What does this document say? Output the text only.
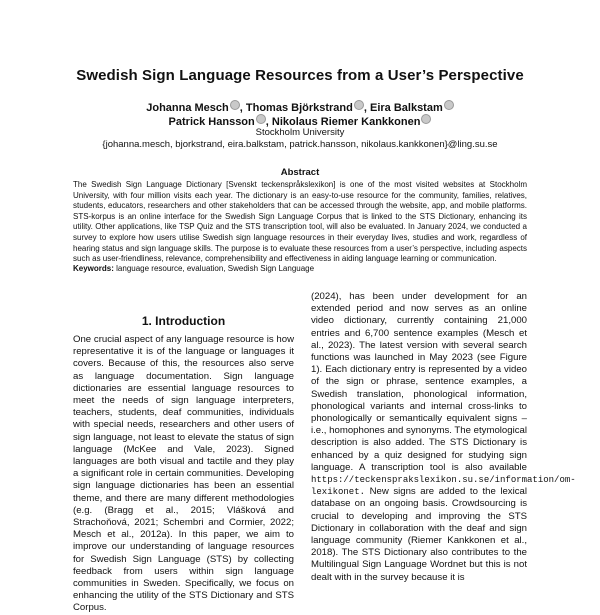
Swedish Sign Language Resources from a User’s Perspective
Johanna Mesch , Thomas Björkstrand , Eira Balkstam
Patrick Hansson , Nikolaus Riemer Kankkonen
Stockholm University
{johanna.mesch, bjorkstrand, eira.balkstam, patrick.hansson, nikolaus.kankkonen}@ling.su.se
Abstract
The Swedish Sign Language Dictionary [Svenskt teckenspråkslexikon] is one of the most visited websites at Stockholm University, with four million visits each year. The dictionary is an easy-to-use resource for the community, families, relatives, students, educators, researchers and other stakeholders that can be accessed through the website, app, and mobile platforms. STS-korpus is an online interface for the Swedish Sign Language Corpus that is linked to the STS Dictionary, enhancing its utility. Other applications, like TSP Quiz and the STS transcription tool, will also be evaluated. In January 2024, we conducted a survey to explore how users utilise Swedish sign language resources in their everyday lives, studies and work, regardless of hearing status and sign language skills. The purpose is to evaluate these resources from a user’s perspective, including aspects such as user-friendliness, relevance, comprehensibility and effectiveness in aiding language learning or communication.
Keywords: language resource, evaluation, Swedish Sign Language
1. Introduction
One crucial aspect of any language resource is how representative it is of the language or languages it covers. Because of this, the resources also serve as language documentation. Sign language dictionaries are essential language resources to meet the needs of sign language interpreters, teachers, students, deaf communities, individuals with special needs, researchers and other users of sign language, not least to elevate the status of sign language (McKee and Vale, 2023). Signed languages are both visual and tactile and they play a significant role in certain communities. Developing sign language dictionaries has been an essential theme, and there are many different methodologies (e.g. (Bragg et al., 2015; Vlášková and Strachoňová, 2021; Schembri and Cormier, 2022; Mesch et al., 2012a). In this paper, we aim to improve our understanding of language resources for Swedish Sign Language (STS) by collecting feedback from users within sign language communities in Sweden. Specifically, we focus on enhancing the utility of the STS Dictionary and STS Corpus.
(2024), has been under development for an extended period and now serves as an online video dictionary, currently containing 21,000 entries and 6,700 sentence examples (Mesch et al., 2023). The latest version with several search functions was launched in May 2023 (see Figure 1). Each dictionary entry is represented by a video of the sign or phrase, sentence examples, a Swedish translation, phonological information, phonological variants and internal cross-links to phonologically or semantically equivalent signs – i.e., homophones and synonyms. The etymological description is also added. The STS Dictionary is enhanced by a quiz designed for studying sign language. A transcription tool is also available https://teckensprakslexikon.su.se/information/om-lexikonet. New signs are added to the lexical database on an ongoing basis. Crowdsourcing is crucial to developing and improving the STS Dictionary in collaboration with the deaf and sign language community (Riemer Kankkonen et al., 2018). The STS Dictionary also contributes to the Multilingual Sign Language Wordnet but this is not dealt with in the survey because it is
